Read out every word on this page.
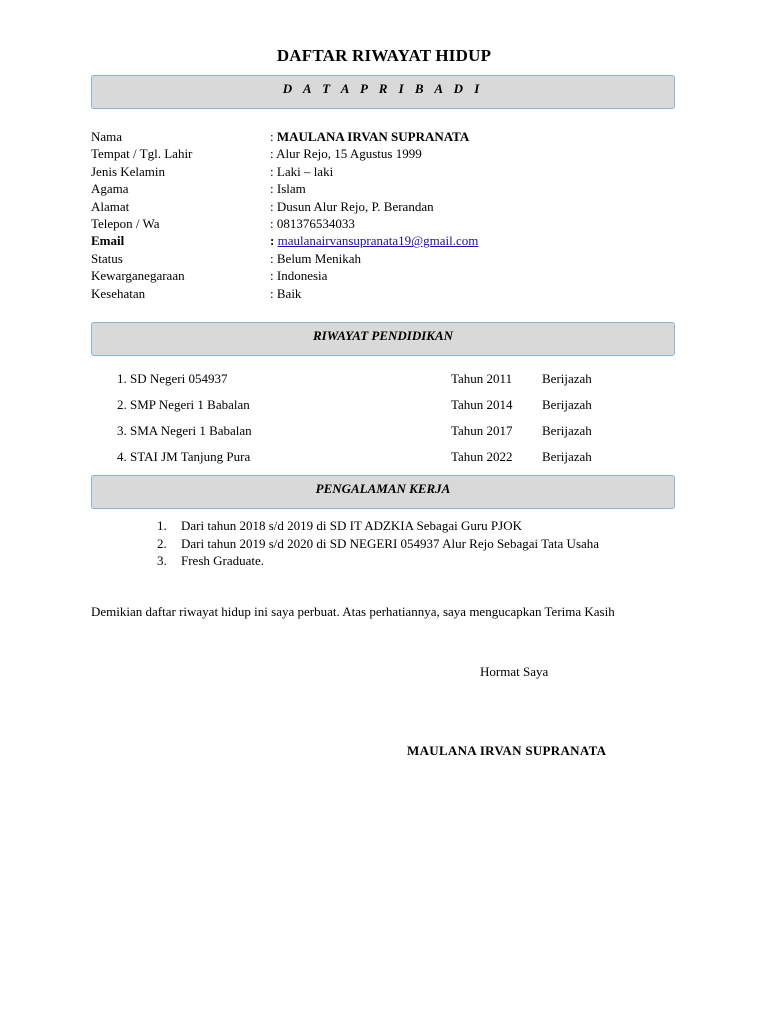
DAFTAR RIWAYAT HIDUP
D A T A P R I B A D I
Nama	: MAULANA IRVAN SUPRANATA
Tempat / Tgl. Lahir	: Alur Rejo, 15 Agustus 1999
Jenis Kelamin	: Laki – laki
Agama	: Islam
Alamat	: Dusun Alur Rejo, P. Berandan
Telepon / Wa	: 081376534033
Email	: maulanairvansupranata19@gmail.com
Status	: Belum Menikah
Kewarganegaraan	: Indonesia
Kesehatan	: Baik
RIWAYAT PENDIDIKAN
1. SD Negeri 054937	Tahun 2011 Berijazah
2. SMP Negeri 1 Babalan	Tahun 2014 Berijazah
3. SMA Negeri 1 Babalan	Tahun 2017 Berijazah
4. STAI JM Tanjung Pura	Tahun 2022 Berijazah
PENGALAMAN KERJA
1. Dari tahun 2018 s/d 2019 di SD IT ADZKIA Sebagai Guru PJOK
2. Dari tahun 2019 s/d 2020 di SD NEGERI 054937 Alur Rejo Sebagai Tata Usaha
3. Fresh Graduate.
Demikian daftar riwayat hidup ini saya perbuat. Atas perhatiannya, saya mengucapkan Terima Kasih
Hormat Saya
MAULANA IRVAN SUPRANATA
